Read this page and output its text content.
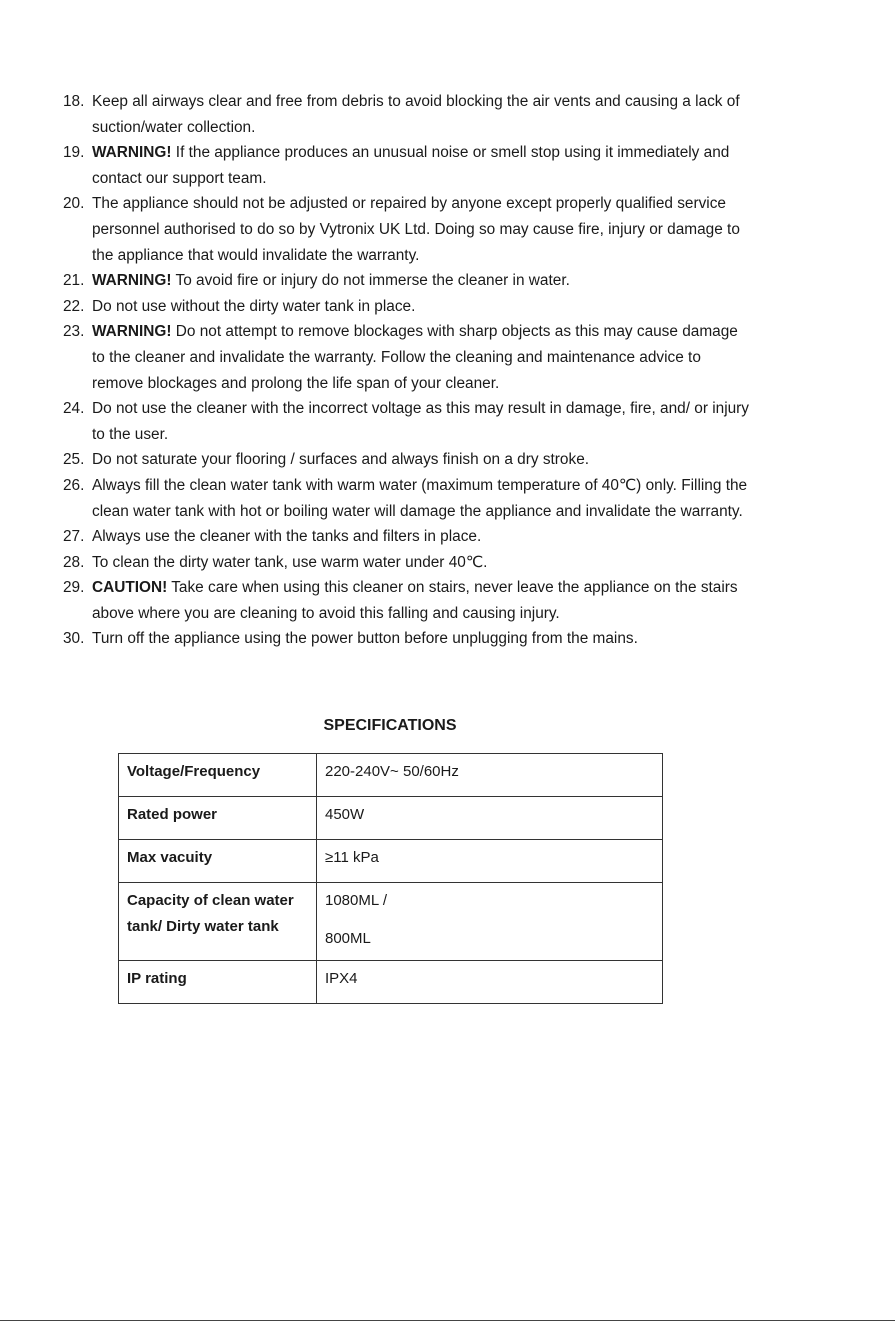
18. Keep all airways clear and free from debris to avoid blocking the air vents and causing a lack of suction/water collection.
19. WARNING! If the appliance produces an unusual noise or smell stop using it immediately and contact our support team.
20. The appliance should not be adjusted or repaired by anyone except properly qualified service personnel authorised to do so by Vytronix UK Ltd. Doing so may cause fire, injury or damage to the appliance that would invalidate the warranty.
21. WARNING! To avoid fire or injury do not immerse the cleaner in water.
22. Do not use without the dirty water tank in place.
23. WARNING! Do not attempt to remove blockages with sharp objects as this may cause damage to the cleaner and invalidate the warranty. Follow the cleaning and maintenance advice to remove blockages and prolong the life span of your cleaner.
24. Do not use the cleaner with the incorrect voltage as this may result in damage, fire, and/ or injury to the user.
25. Do not saturate your flooring / surfaces and always finish on a dry stroke.
26. Always fill the clean water tank with warm water (maximum temperature of 40℃) only. Filling the clean water tank with hot or boiling water will damage the appliance and invalidate the warranty.
27. Always use the cleaner with the tanks and filters in place.
28. To clean the dirty water tank, use warm water under 40℃.
29. CAUTION! Take care when using this cleaner on stairs, never leave the appliance on the stairs above where you are cleaning to avoid this falling and causing injury.
30. Turn off the appliance using the power button before unplugging from the mains.
SPECIFICATIONS
Voltage/Frequency	220-240V~ 50/60Hz
Rated power	450W
Max vacuity	≥11 kPa
Capacity of clean water tank/ Dirty water tank	1080ML /
800ML

IP rating	IPX4
